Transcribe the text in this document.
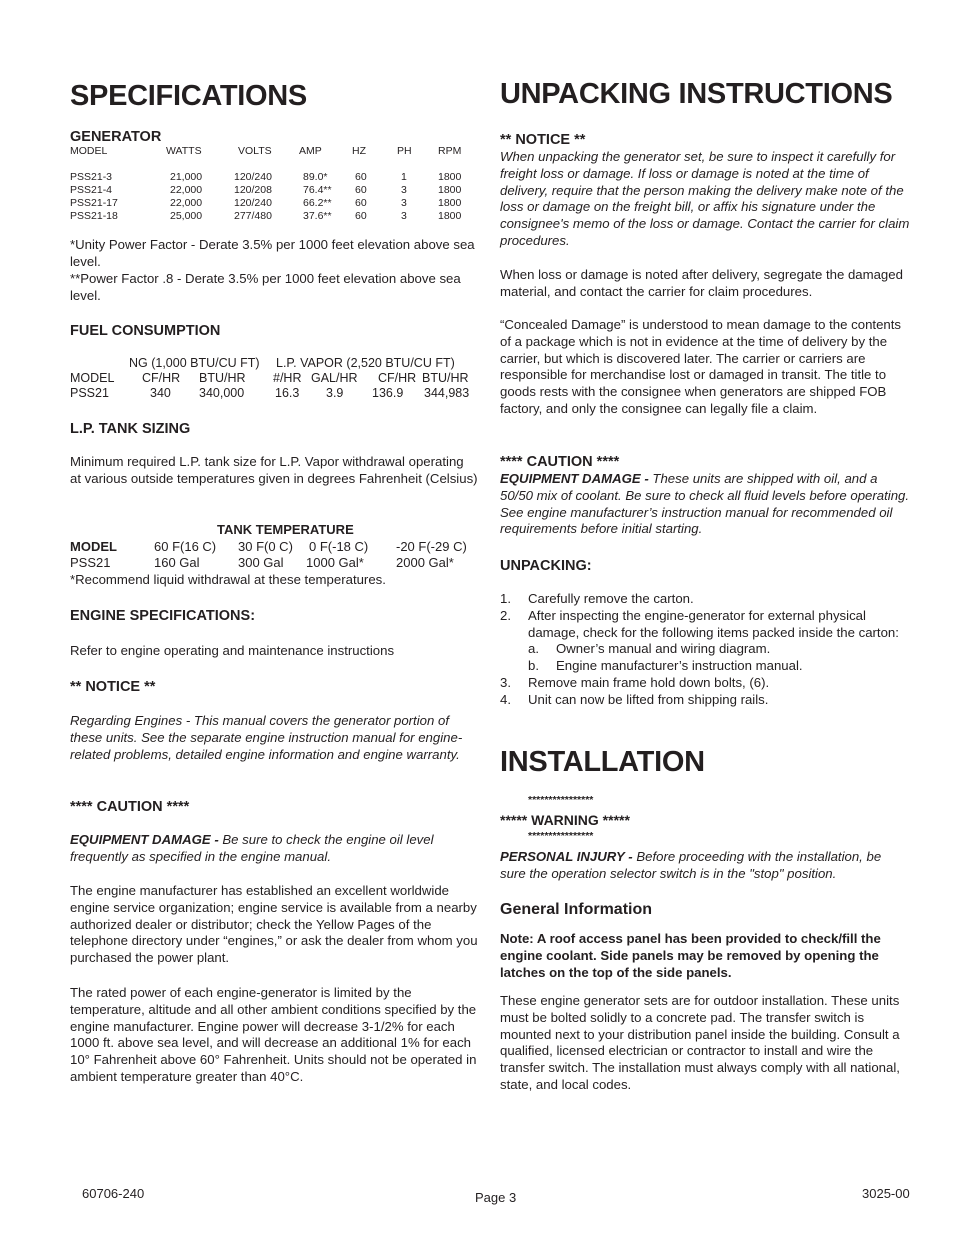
SPECIFICATIONS
GENERATOR
MODEL	WATTS	VOLTS	AMP	HZ	PH	RPM
PSS21-3	21,000	120/240	89.0*	60	1	1800
PSS21-4	22,000	120/208	76.4** 60	3	1800
PSS21-17	22,000	120/240	66.2** 60	3	1800
PSS21-18	25,000	277/480	37.6** 60	3	1800
*Unity Power Factor - Derate 3.5% per 1000 feet elevation above sea level.
**Power Factor .8 - Derate 3.5% per 1000 feet elevation above sea level.
FUEL CONSUMPTION
NG (1,000 BTU/CU FT) L.P. VAPOR (2,520 BTU/CU FT)
MODEL CF/HR BTU/HR #/HR GAL/HR CF/HR BTU/HR
PSS21	340 340,000 16.3 3.9 136.9 344,983
L.P. TANK SIZING
Minimum required L.P. tank size for L.P. Vapor withdrawal operating at various outside temperatures given in degrees Fahrenheit (Celsius)
TANK TEMPERATURE
MODEL	60 F(16 C) 30 F(0 C) 0 F(-18 C) -20 F(-29 C)
PSS21	160 Gal	300 Gal 1000 Gal* 2000 Gal*
*Recommend liquid withdrawal at these temperatures.
ENGINE SPECIFICATIONS:
Refer to engine operating and maintenance instructions
** NOTICE **
Regarding Engines - This manual covers the generator portion of these units. See the separate engine instruction manual for engine-related problems, detailed engine information and engine warranty.
**** CAUTION ****
EQUIPMENT DAMAGE - Be sure to check the engine oil level frequently as specified in the engine manual.
The engine manufacturer has established an excellent worldwide engine service organization; engine service is available from a nearby authorized dealer or distributor; check the Yellow Pages of the telephone directory under “engines,” or ask the dealer from whom you purchased the power plant.
The rated power of each engine-generator is limited by the temperature, altitude and all other ambient conditions specified by the engine manufacturer. Engine power will decrease 3-1/2% for each 1000 ft. above sea level, and will decrease an additional 1% for each 10° Fahrenheit above 60° Fahrenheit. Units should not be operated in ambient temperature greater than 40°C.
UNPACKING INSTRUCTIONS
** NOTICE **
When unpacking the generator set, be sure to inspect it carefully for freight loss or damage. If loss or damage is noted at the time of delivery, require that the person making the delivery make note of the loss or damage on the freight bill, or affix his signature under the consignee's memo of the loss or damage. Contact the carrier for claim procedures.
When loss or damage is noted after delivery, segregate the damaged material, and contact the carrier for claim procedures.
“Concealed Damage” is understood to mean damage to the contents of a package which is not in evidence at the time of delivery by the carrier, but which is discovered later. The carrier or carriers are responsible for merchandise lost or damaged in transit. The title to goods rests with the consignee when generators are shipped FOB factory, and only the consignee can legally file a claim.
**** CAUTION ****
EQUIPMENT DAMAGE - These units are shipped with oil, and a 50/50 mix of coolant. Be sure to check all fluid levels before operating. See engine manufacturer’s instruction manual for recommended oil requirements before initial starting.
UNPACKING:
1. Carefully remove the carton.
2. After inspecting the engine-generator for external physical damage, check for the following items packed inside the carton:
a. Owner’s manual and wiring diagram.
b. Engine manufacturer’s instruction manual.
3. Remove main frame hold down bolts, (6).
4. Unit can now be lifted from shipping rails.
INSTALLATION
****************
***** WARNING *****
****************
PERSONAL INJURY - Before proceeding with the installation, be sure the operation selector switch is in the "stop" position.
General Information
Note: A roof access panel has been provided to check/fill the engine coolant. Side panels may be removed by opening the latches on the top of the side panels.
These engine generator sets are for outdoor installation. These units must be bolted solidly to a concrete pad. The transfer switch is mounted next to your distribution panel inside the building. Consult a qualified, licensed electrician or contractor to install and wire the transfer switch. The installation must always comply with all national, state, and local codes.
60706-240	Page 3	3025-00
